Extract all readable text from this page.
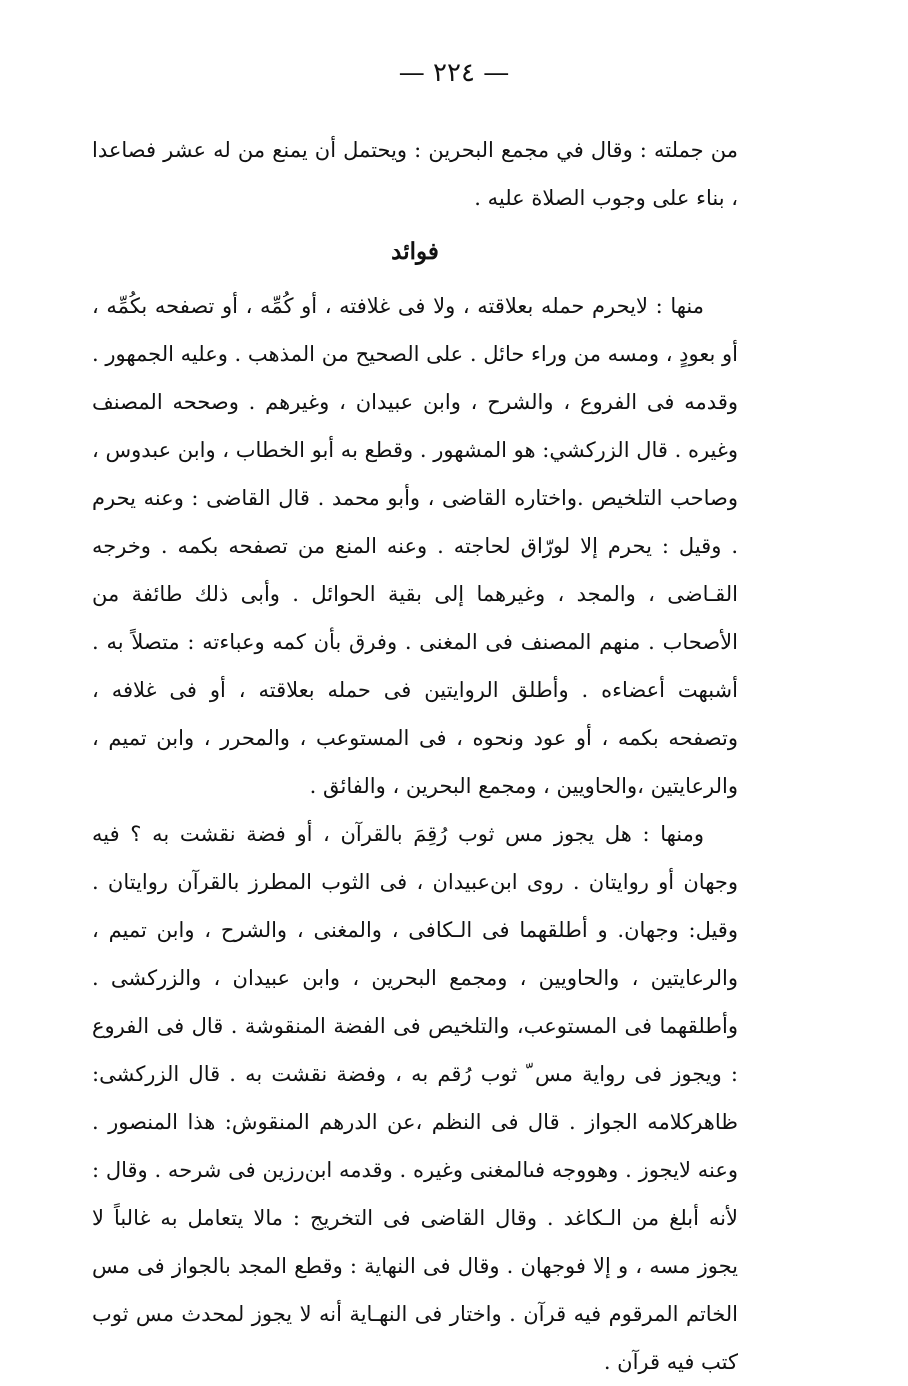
— ٢٢٤ —

من جملته : وقال في مجمع البحرين : ويحتمل أن يمنع من له عشر فصاعدا ، بناء على وجوب الصلاة عليه .

فوائد

منها : لايحرم حمله بعلاقته ، ولا فى غلافته ، أو كُمِّه ، أو تصفحه بكُمِّه ، أو بعودٍ ، ومسه من وراء حائل . على الصحيح من المذهب . وعليه الجمهور . وقدمه فى الفروع ، والشرح ، وابن عبيدان ، وغيرهم . وصححه المصنف وغيره . قال الزركشي: هو المشهور . وقطع به أبو الخطاب ، وابن عبدوس ، وصاحب التلخيص .واختاره القاضى ، وأبو محمد . قال القاضى : وعنه يحرم . وقيل : يحرم إلا لورّاق لحاجته . وعنه المنع من تصفحه بكمه . وخرجه القـاضى ، والمجد ، وغيرهما إلى بقية الحوائل . وأبى ذلك طائفة من الأصحاب . منهم المصنف فى المغنى . وفرق بأن كمه وعباءته : متصلاً به . أشبهت أعضاءه . وأطلق الروايتين فى حمله بعلاقته ، أو فى غلافه ، وتصفحه بكمه ، أو عود ونحوه ، فى المستوعب ، والمحرر ، وابن تميم ، والرعايتين ،والحاويين ، ومجمع البحرين ، والفائق .

ومنها : هل يجوز مس ثوب رُقِمَ بالقرآن ، أو فضة نقشت به ؟ فيه وجهان أو روايتان . روى ابن‌عبيدان ، فى الثوب المطرز بالقرآن روايتان . وقيل: وجهان. و أطلقهما فى الـكافى ، والمغنى ، والشرح ، وابن تميم ، والرعايتين ، والحاويين ، ومجمع البحرين ، وابن عبيدان ، والزركشى . وأطلقهما فى المستوعب، والتلخيص فى الفضة المنقوشة . قال فى الفروع : ويجوز فى رواية مس ّ ثوب رُقم به ، وفضة نقشت به . قال الزركشى: ظاهركلامه الجواز . قال فى النظم ،عن الدرهم المنقوش: هذا المنصور . وعنه لايجوز . وهووجه فىالمغنى وغيره . وقدمه ابن‌رزين فى شرحه . وقال : لأنه أبلغ من الـكاغد . وقال القاضى فى التخريج : مالا يتعامل به غالباً لا يجوز مسه ، و إلا فوجهان . وقال فى النهاية : وقطع المجد بالجواز فى مس الخاتم المرقوم فيه قرآن . واختار فى النهـاية أنه لا يجوز لمحدث مس ثوب كتب فيه قرآن .
